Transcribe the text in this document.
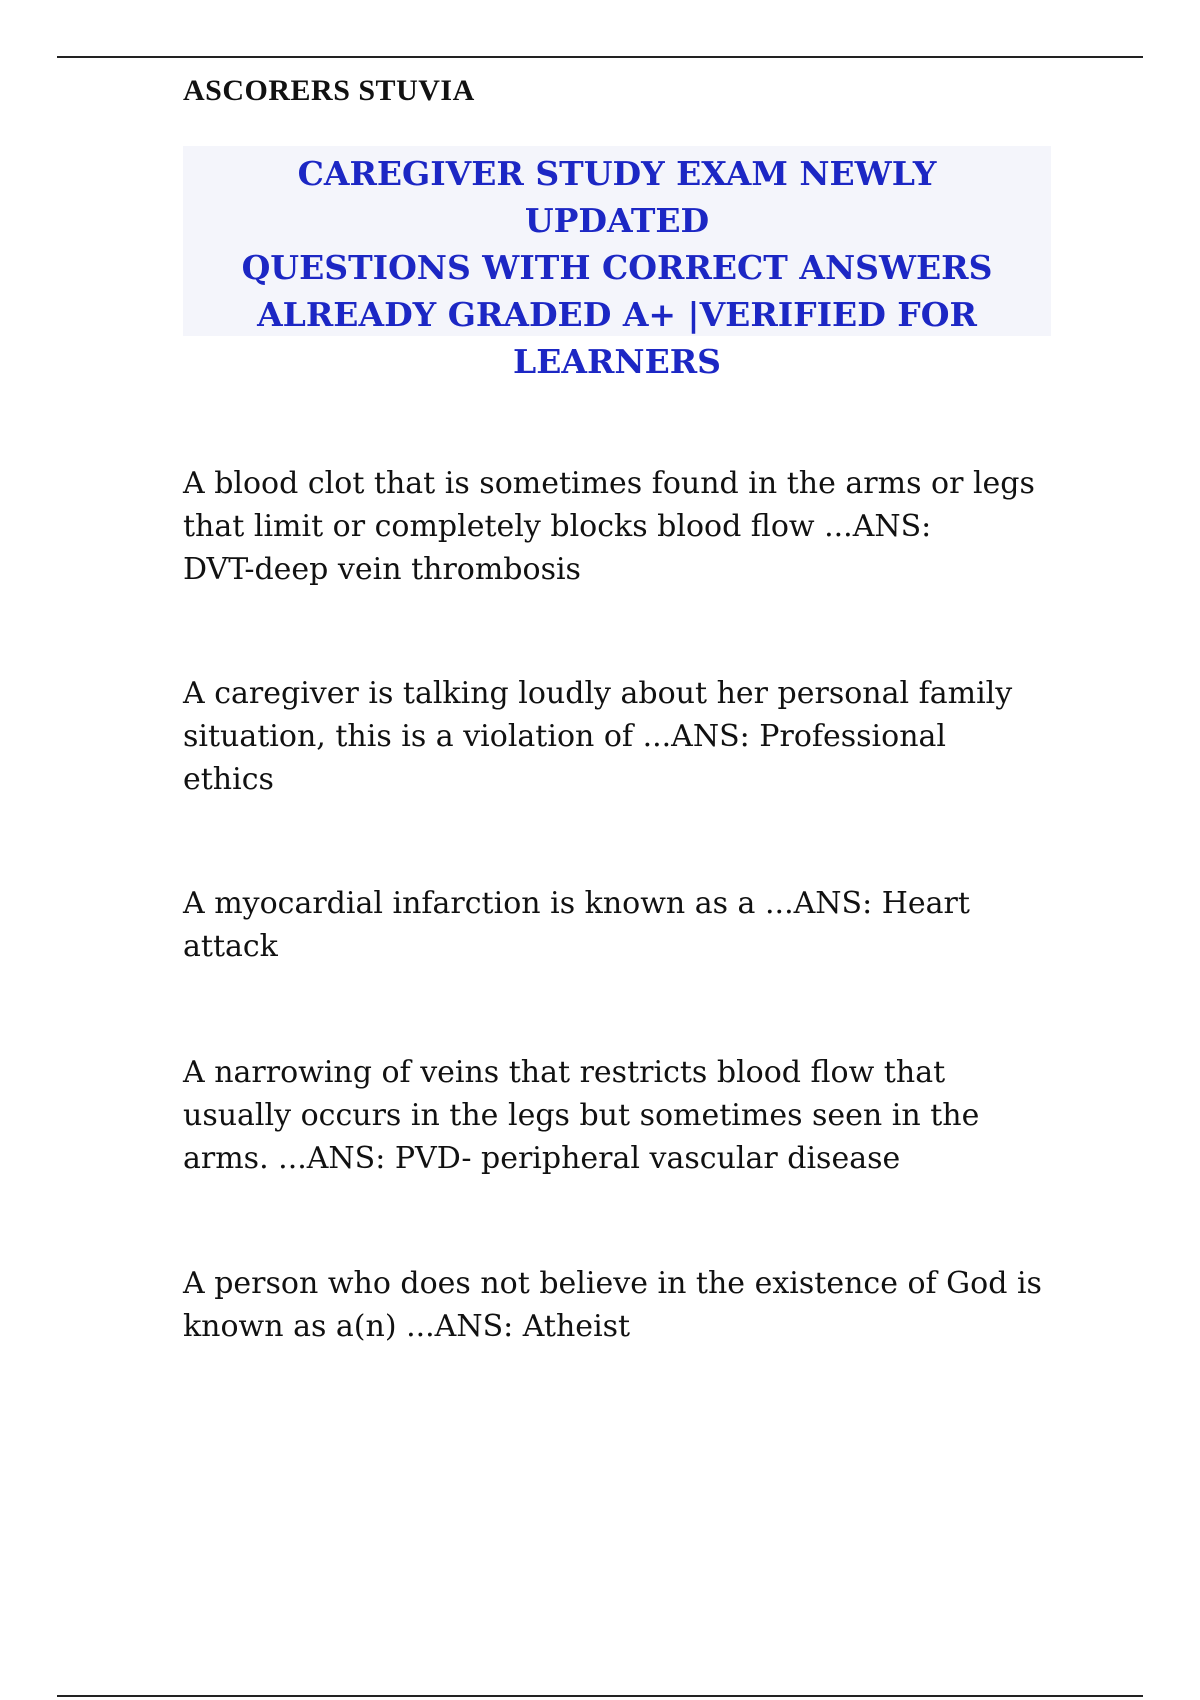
ASCORERS STUVIA
CAREGIVER STUDY EXAM NEWLY UPDATED
QUESTIONS WITH CORRECT ANSWERS
ALREADY GRADED A+ |VERIFIED FOR
LEARNERS
A blood clot that is sometimes found in the arms or legs
that limit or completely blocks blood flow ...ANS:
DVT-deep vein thrombosis
A caregiver is talking loudly about her personal family
situation, this is a violation of ...ANS: Professional
ethics
A myocardial infarction is known as a ...ANS: Heart
attack
A narrowing of veins that restricts blood flow that
usually occurs in the legs but sometimes seen in the
arms. ...ANS: PVD- peripheral vascular disease
A person who does not believe in the existence of God is
known as a(n) ...ANS: Atheist
